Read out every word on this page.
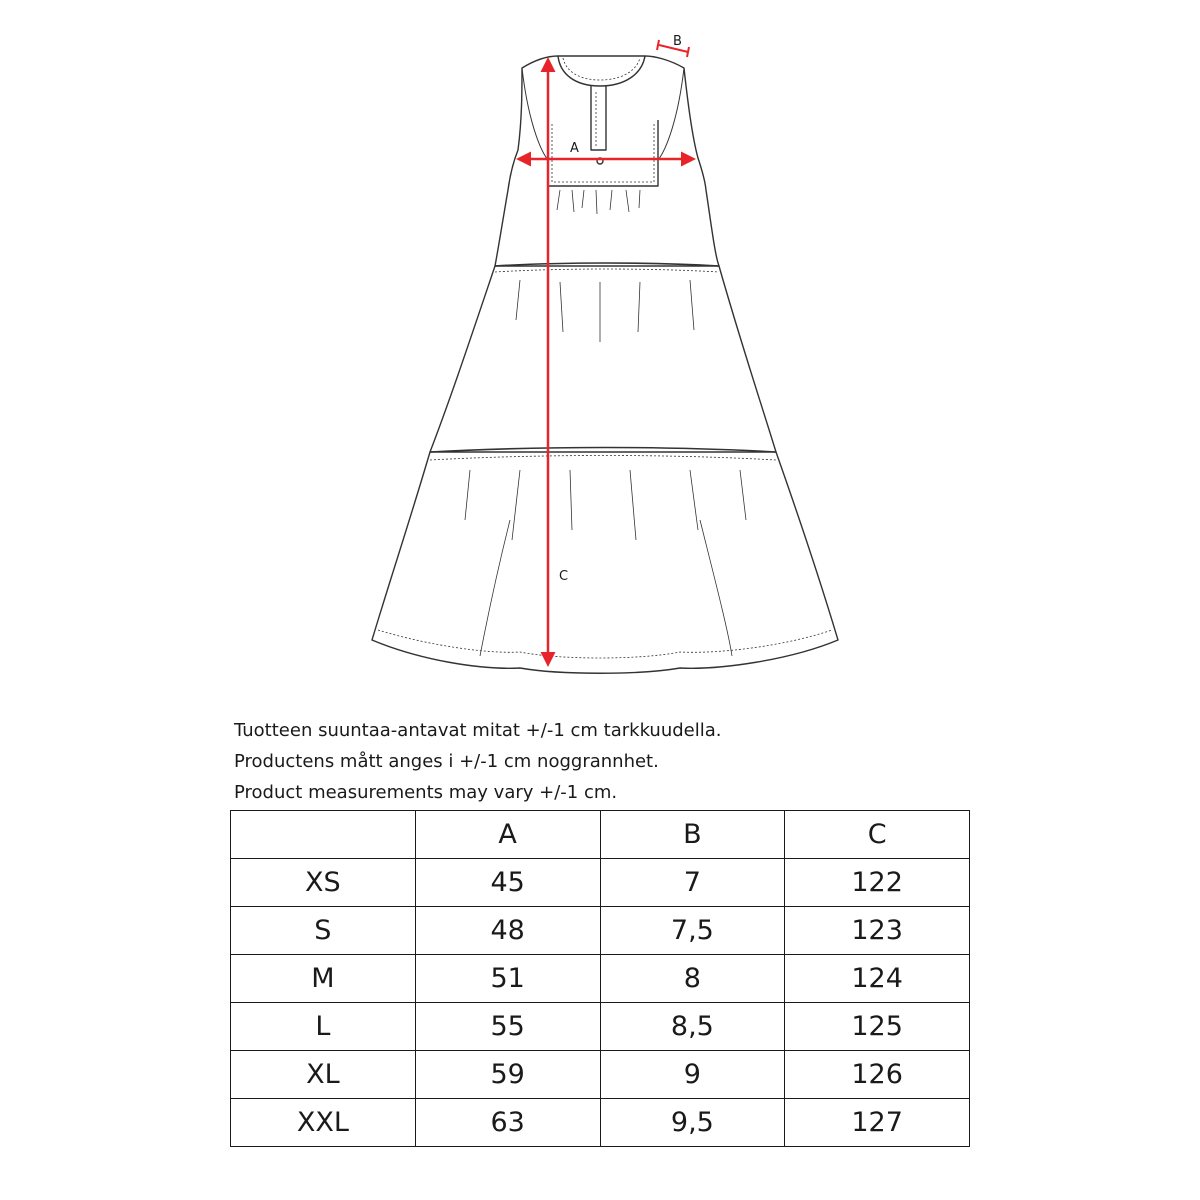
A
B
C
Tuotteen suuntaa-antavat mitat +/-1 cm tarkkuudella.
Productens mått anges i +/-1 cm noggrannhet.
Product measurements may vary +/-1 cm.
	A	B	C
XS	45	7	122
S	48	7,5	123
M	51	8	124
L	55	8,5	125
XL	59	9	126
XXL	63	9,5	127
